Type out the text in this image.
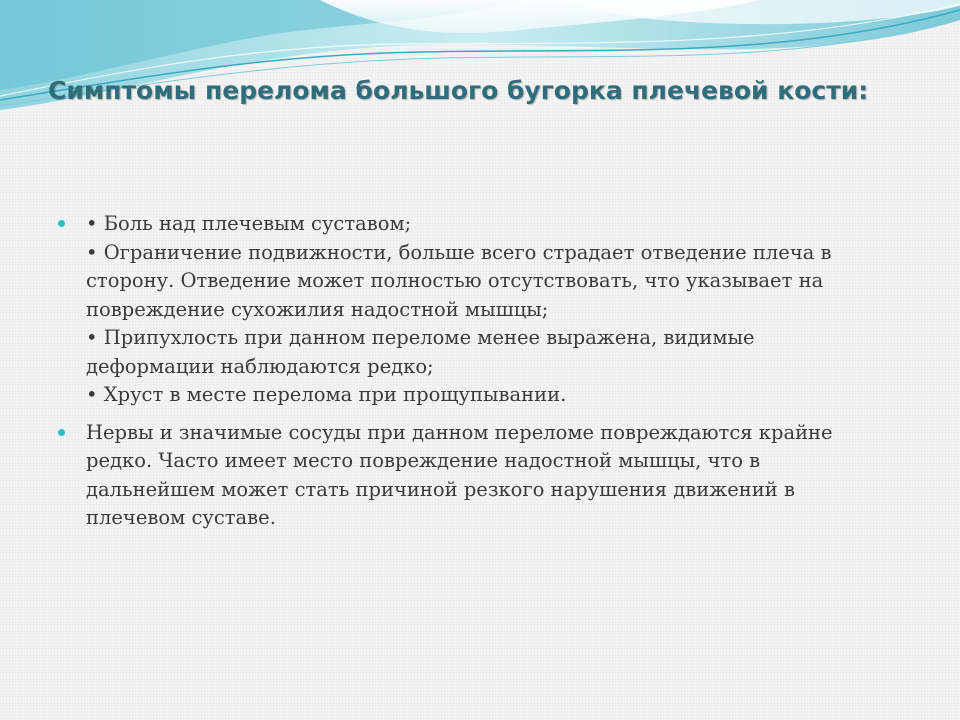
Симптомы перелома большого бугорка плечевой кости:
• Боль над плечевым суставом;
• Ограничение подвижности, больше всего страдает отведение плеча в
сторону. Отведение может полностью отсутствовать, что указывает на
повреждение сухожилия надостной мышцы;
• Припухлость при данном переломе менее выражена, видимые
деформации наблюдаются редко;
• Хруст в месте перелома при прощупывании.
Нервы и значимые сосуды при данном переломе повреждаются крайне
редко. Часто имеет место повреждение надостной мышцы, что в
дальнейшем может стать причиной резкого нарушения движений в
плечевом суставе.
